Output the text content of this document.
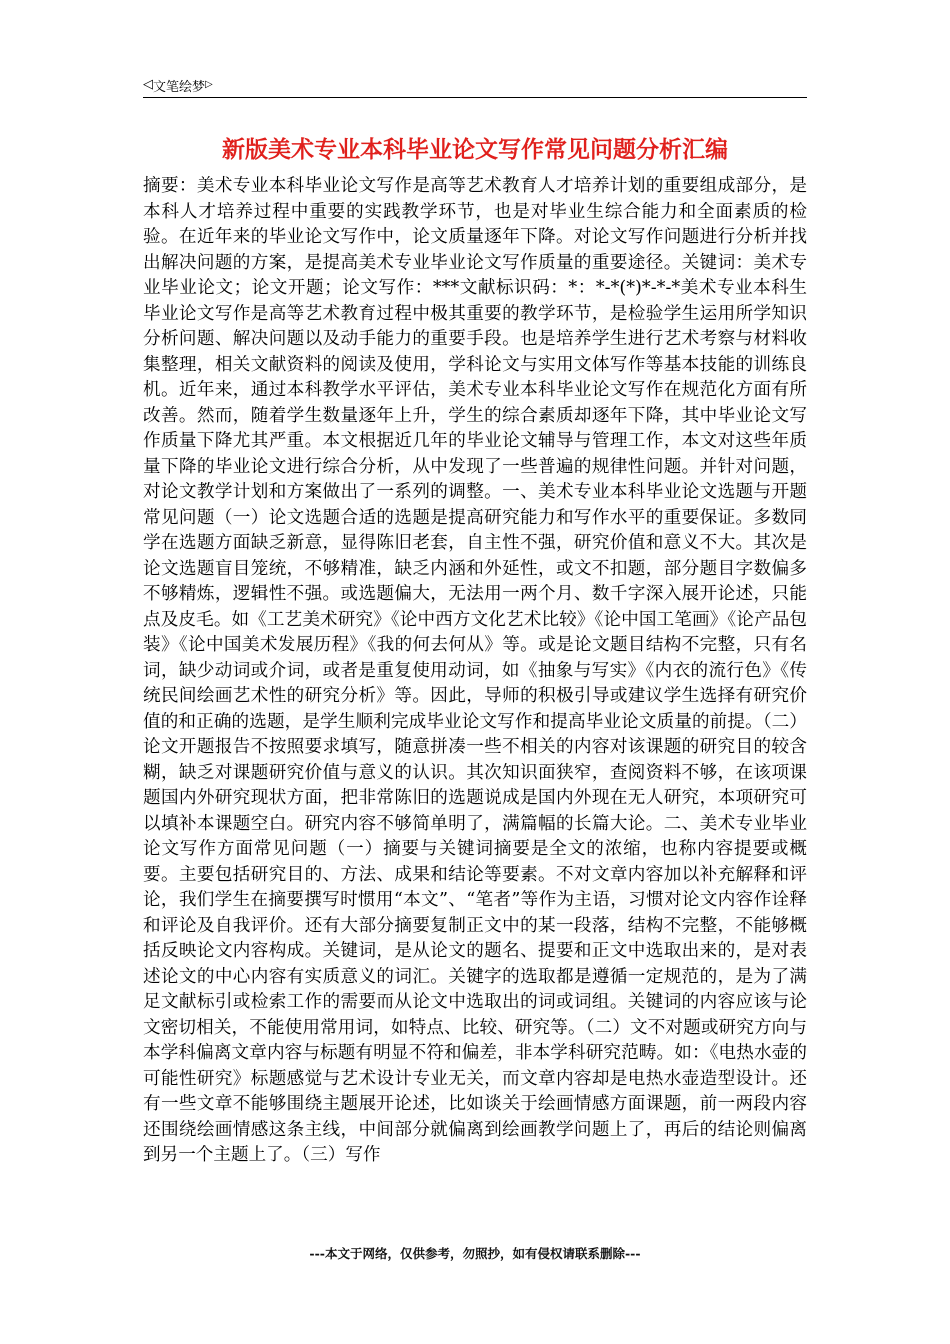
◁ 文笔绘梦 ▷
新版美术专业本科毕业论文写作常见问题分析汇编

摘要：美术专业本科毕业论文写作是高等艺术教育人才培养计划的重要组成部分，是本科人才培养过程中重要的实践教学环节，也是对毕业生综合能力和全面素质的检验。在近年来的毕业论文写作中，论文质量逐年下降。对论文写作问题进行分析并找出解决问题的方案，是提高美术专业毕业论文写作质量的重要途径。关键词：美术专业毕业论文；论文开题；论文写作：***文献标识码：*：*-*(*)*-*-*美术专业本科生毕业论文写作是高等艺术教育过程中极其重要的教学环节，是检验学生运用所学知识分析问题、解决问题以及动手能力的重要手段。也是培养学生进行艺术考察与材料收集整理，相关文献资料的阅读及使用，学科论文与实用文体写作等基本技能的训练良机。近年来，通过本科教学水平评估，美术专业本科毕业论文写作在规范化方面有所改善。然而，随着学生数量逐年上升，学生的综合素质却逐年下降，其中毕业论文写作质量下降尤其严重。本文根据近几年的毕业论文辅导与管理工作，本文对这些年质量下降的毕业论文进行综合分析，从中发现了一些普遍的规律性问题。并针对问题，对论文教学计划和方案做出了一系列的调整。一、美术专业本科毕业论文选题与开题常见问题（一）论文选题合适的选题是提高研究能力和写作水平的重要保证。多数同学在选题方面缺乏新意，显得陈旧老套，自主性不强，研究价值和意义不大。其次是论文选题盲目笼统，不够精准，缺乏内涵和外延性，或文不扣题，部分题目字数偏多不够精炼，逻辑性不强。或选题偏大，无法用一两个月、数千字深入展开论述，只能点及皮毛。如《工艺美术研究》《论中西方文化艺术比较》《论中国工笔画》《论产品包装》《论中国美术发展历程》《我的何去何从》等。或是论文题目结构不完整，只有名词，缺少动词或介词，或者是重复使用动词，如《抽象与写实》《内衣的流行色》《传统民间绘画艺术性的研究分析》等。因此，导师的积极引导或建议学生选择有研究价值的和正确的选题，是学生顺利完成毕业论文写作和提高毕业论文质量的前提。（二）论文开题报告不按照要求填写，随意拼凑一些不相关的内容对该课题的研究目的较含糊，缺乏对课题研究价值与意义的认识。其次知识面狭窄，查阅资料不够，在该项课题国内外研究现状方面，把非常陈旧的选题说成是国内外现在无人研究，本项研究可以填补本课题空白。研究内容不够简单明了，满篇幅的长篇大论。二、美术专业毕业论文写作方面常见问题（一）摘要与关键词摘要是全文的浓缩，也称内容提要或概要。主要包括研究目的、方法、成果和结论等要素。不对文章内容加以补充解释和评论，我们学生在摘要撰写时惯用“本文”、“笔者”等作为主语，习惯对论文内容作诠释和评论及自我评价。还有大部分摘要复制正文中的某一段落，结构不完整，不能够概括反映论文内容构成。关键词，是从论文的题名、提要和正文中选取出来的，是对表述论文的中心内容有实质意义的词汇。关键字的选取都是遵循一定规范的，是为了满足文献标引或检索工作的需要而从论文中选取出的词或词组。关键词的内容应该与论文密切相关，不能使用常用词，如特点、比较、研究等。（二）文不对题或研究方向与本学科偏离文章内容与标题有明显不符和偏差，非本学科研究范畴。如：《电热水壶的可能性研究》标题感觉与艺术设计专业无关，而文章内容却是电热水壶造型设计。还有一些文章不能够围绕主题展开论述，比如谈关于绘画情感方面课题，前一两段内容还围绕绘画情感这条主线，中间部分就偏离到绘画教学问题上了，再后的结论则偏离到另一个主题上了。（三）写作

---本文于网络，仅供参考，勿照抄，如有侵权请联系删除---
